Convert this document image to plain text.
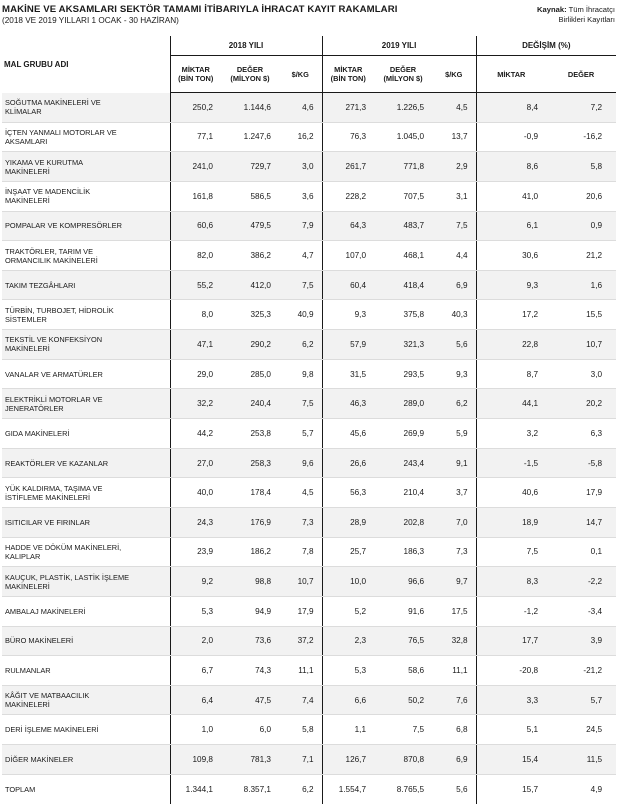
MAKİNE VE AKSAMLARI SEKTÖR TAMAMI İTİBARIYLA İHRACAT KAYIT RAKAMLARI
(2018 VE 2019 YILLARI 1 OCAK - 30 HAZİRAN)
Kaynak: Tüm İhracatçı
Birlikleri Kayıtları
MAL GRUBU ADI	2018 YILI			2019 YILI			DEĞİŞİM (%)	
	MİKTAR
(BİN TON)	DEĞER
(MİLYON $)	$/KG	MİKTAR
(BİN TON)	DEĞER
(MİLYON $)	$/KG	MİKTAR	DEĞER
SOĞUTMA MAKİNELERİ VE
KLİMALAR	250,2	1.144,6	4,6	271,3	1.226,5	4,5	8,4	7,2
İÇTEN YANMALI MOTORLAR VE
AKSAMLARI	77,1	1.247,6	16,2	76,3	1.045,0	13,7	-0,9	-16,2
YIKAMA VE KURUTMA
MAKİNELERİ	241,0	729,7	3,0	261,7	771,8	2,9	8,6	5,8
İNŞAAT VE MADENCİLİK
MAKİNELERİ	161,8	586,5	3,6	228,2	707,5	3,1	41,0	20,6
POMPALAR VE KOMPRESÖRLER	60,6	479,5	7,9	64,3	483,7	7,5	6,1	0,9
TRAKTÖRLER, TARIM VE
ORMANCILIK MAKİNELERİ	82,0	386,2	4,7	107,0	468,1	4,4	30,6	21,2
TAKIM TEZGÂHLARI	55,2	412,0	7,5	60,4	418,4	6,9	9,3	1,6
TÜRBİN, TURBOJET, HİDROLİK
SİSTEMLER	8,0	325,3	40,9	9,3	375,8	40,3	17,2	15,5
TEKSTİL VE KONFEKSİYON
MAKİNELERİ	47,1	290,2	6,2	57,9	321,3	5,6	22,8	10,7
VANALAR VE ARMATÜRLER	29,0	285,0	9,8	31,5	293,5	9,3	8,7	3,0
ELEKTRİKLİ MOTORLAR VE
JENERATÖRLER	32,2	240,4	7,5	46,3	289,0	6,2	44,1	20,2
GIDA MAKİNELERİ	44,2	253,8	5,7	45,6	269,9	5,9	3,2	6,3
REAKTÖRLER VE KAZANLAR	27,0	258,3	9,6	26,6	243,4	9,1	-1,5	-5,8
YÜK KALDIRMA, TAŞIMA VE
İSTİFLEME MAKİNELERİ	40,0	178,4	4,5	56,3	210,4	3,7	40,6	17,9
ISITICILAR VE FIRINLAR	24,3	176,9	7,3	28,9	202,8	7,0	18,9	14,7
HADDE VE DÖKÜM MAKİNELERİ,
KALIPLAR	23,9	186,2	7,8	25,7	186,3	7,3	7,5	0,1
KAUÇUK, PLASTİK, LASTİK İŞLEME
MAKİNELERİ	9,2	98,8	10,7	10,0	96,6	9,7	8,3	-2,2
AMBALAJ MAKİNELERİ	5,3	94,9	17,9	5,2	91,6	17,5	-1,2	-3,4
BÜRO MAKİNELERİ	2,0	73,6	37,2	2,3	76,5	32,8	17,7	3,9
RULMANLAR	6,7	74,3	11,1	5,3	58,6	11,1	-20,8	-21,2
KÂĞIT VE MATBAACILIK
MAKİNELERİ	6,4	47,5	7,4	6,6	50,2	7,6	3,3	5,7
DERİ İŞLEME MAKİNELERİ	1,0	6,0	5,8	1,1	7,5	6,8	5,1	24,5
DİĞER MAKİNELER	109,8	781,3	7,1	126,7	870,8	6,9	15,4	11,5
TOPLAM	1.344,1	8.357,1	6,2	1.554,7	8.765,5	5,6	15,7	4,9
